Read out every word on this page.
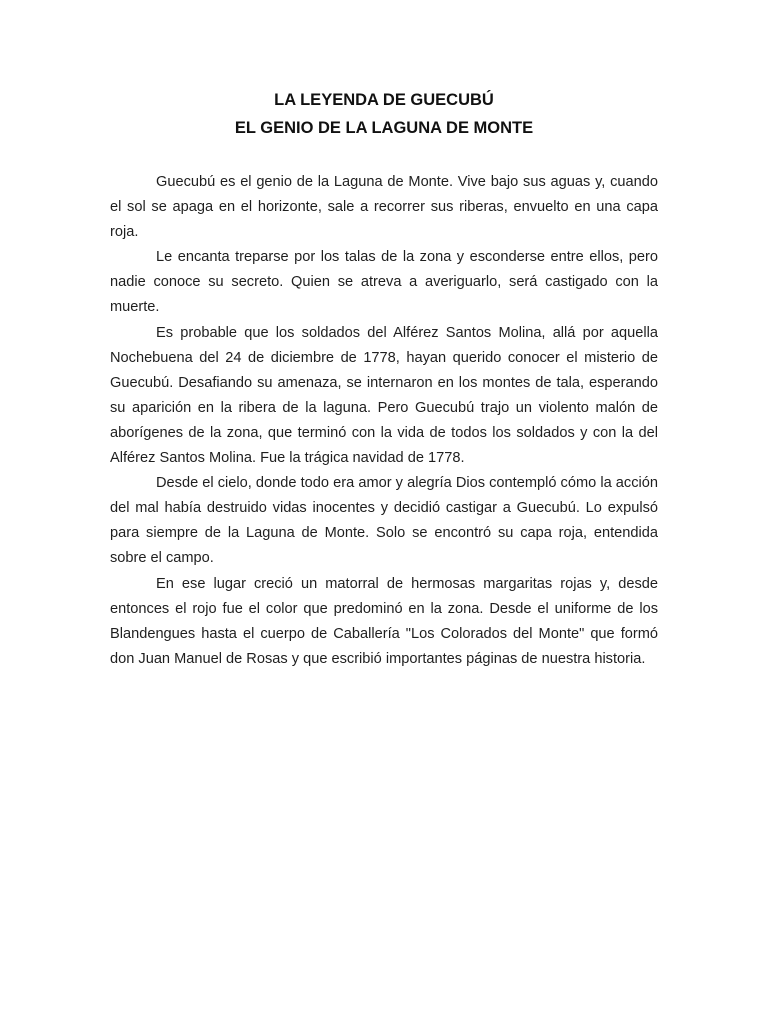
LA LEYENDA DE GUECUBÚ
EL GENIO DE LA LAGUNA DE MONTE

Guecubú es el genio de la Laguna de Monte. Vive bajo sus aguas y, cuando el sol se apaga en el horizonte, sale a recorrer sus riberas, envuelto en una capa roja.

Le encanta treparse por los talas de la zona y esconderse entre ellos, pero nadie conoce su secreto. Quien se atreva a averiguarlo, será castigado con la muerte.

Es probable que los soldados del Alférez Santos Molina, allá por aquella Nochebuena del 24 de diciembre de 1778, hayan querido conocer el misterio de Guecubú. Desafiando su amenaza, se internaron en los montes de tala, esperando su aparición en la ribera de la laguna. Pero Guecubú trajo un violento malón de aborígenes de la zona, que terminó con la vida de todos los soldados y con la del Alférez Santos Molina. Fue la trágica navidad de 1778.

Desde el cielo, donde todo era amor y alegría Dios contempló cómo la acción del mal había destruido vidas inocentes y decidió castigar a Guecubú. Lo expulsó para siempre de la Laguna de Monte. Solo se encontró su capa roja, entendida sobre el campo.

En ese lugar creció un matorral de hermosas margaritas rojas y, desde entonces el rojo fue el color que predominó en la zona. Desde el uniforme de los Blandengues hasta el cuerpo de Caballería "Los Colorados del Monte" que formó don Juan Manuel de Rosas y que escribió importantes páginas de nuestra historia.
